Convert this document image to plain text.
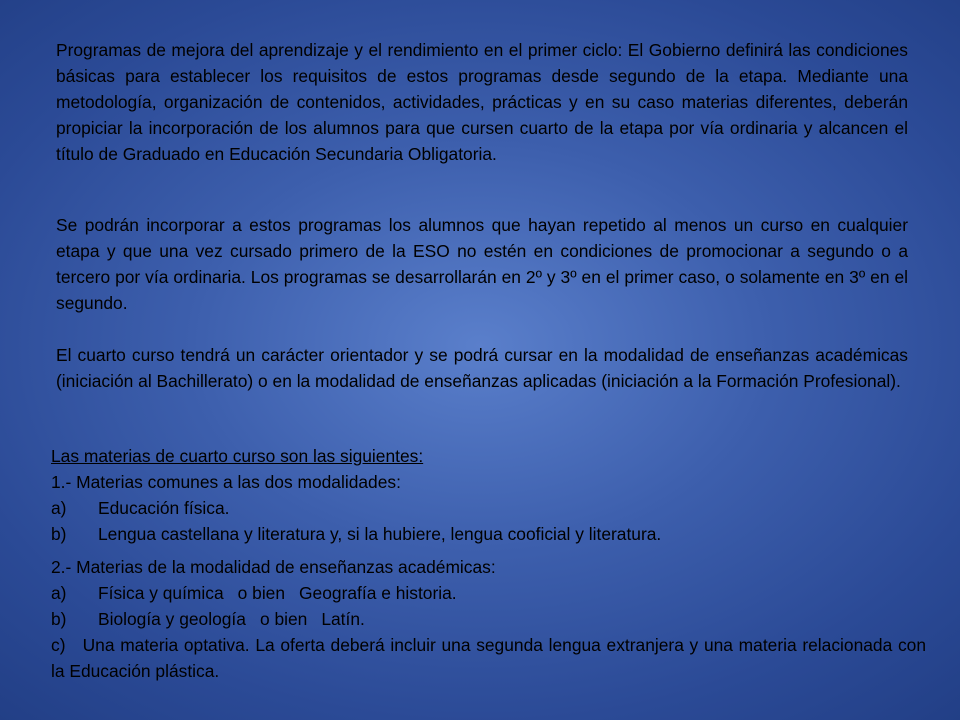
Programas de mejora del aprendizaje y el rendimiento en el primer ciclo: El Gobierno definirá las condiciones básicas para establecer los requisitos de estos programas desde segundo de la etapa. Mediante una metodología, organización de contenidos, actividades, prácticas y en su caso materias diferentes, deberán propiciar la incorporación de los alumnos para que cursen cuarto de la etapa por vía ordinaria y alcancen el título de Graduado en Educación Secundaria Obligatoria.
Se podrán incorporar a estos programas los alumnos que hayan repetido al menos un curso en cualquier etapa y que una vez cursado primero de la ESO no estén en condiciones de promocionar a segundo o a tercero por vía ordinaria. Los programas se desarrollarán en 2º y 3º en el primer caso, o solamente en 3º en el segundo.
El cuarto curso tendrá un carácter orientador y se podrá cursar en la modalidad de enseñanzas académicas (iniciación al Bachillerato) o en la modalidad de enseñanzas aplicadas (iniciación a la Formación Profesional).
Las materias de cuarto curso son las siguientes:
1.- Materias comunes a las dos modalidades:
a) Educación física.
b) Lengua castellana y literatura y, si la hubiere, lengua cooficial y literatura.
2.- Materias de la modalidad de enseñanzas académicas:
a) Física y química o bien Geografía e historia.
b) Biología y geología o bien Latín.
c) Una materia optativa. La oferta deberá incluir una segunda lengua extranjera y una materia relacionada con la Educación plástica.
